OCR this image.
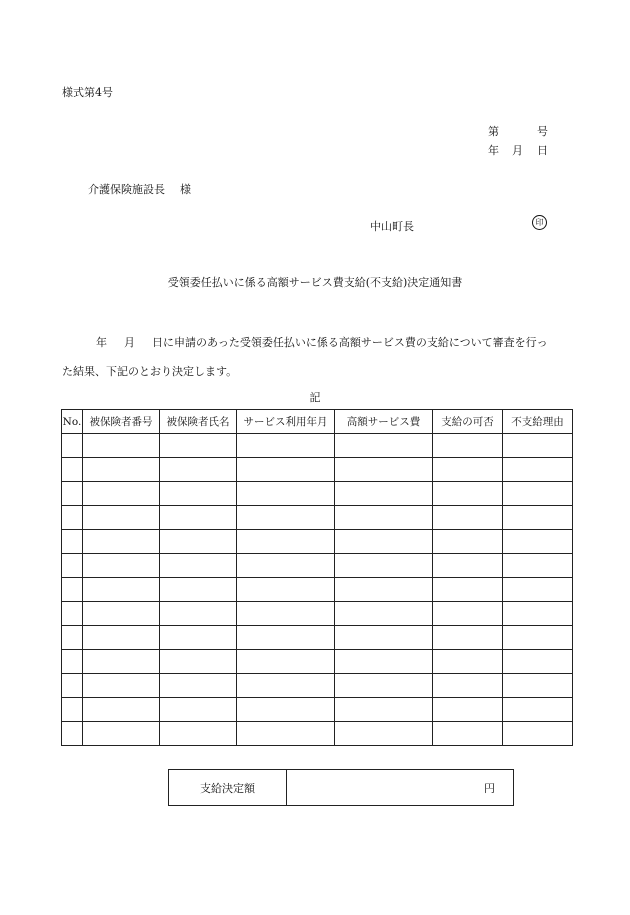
様式第4号
第	号
年 月 日
介護保険施設長 様
中山町長	印
受領委任払いに係る高額サービス費支給(不支給)決定通知書
年 月 日に申請のあった受領委任払いに係る高額サービス費の支給について審査を行っ
た結果、下記のとおり決定します。
記
No.	被保険者番号	被保険者氏名	サービス利用年月	高額サービス費	支給の可否	不支給理由

支給決定額	円
